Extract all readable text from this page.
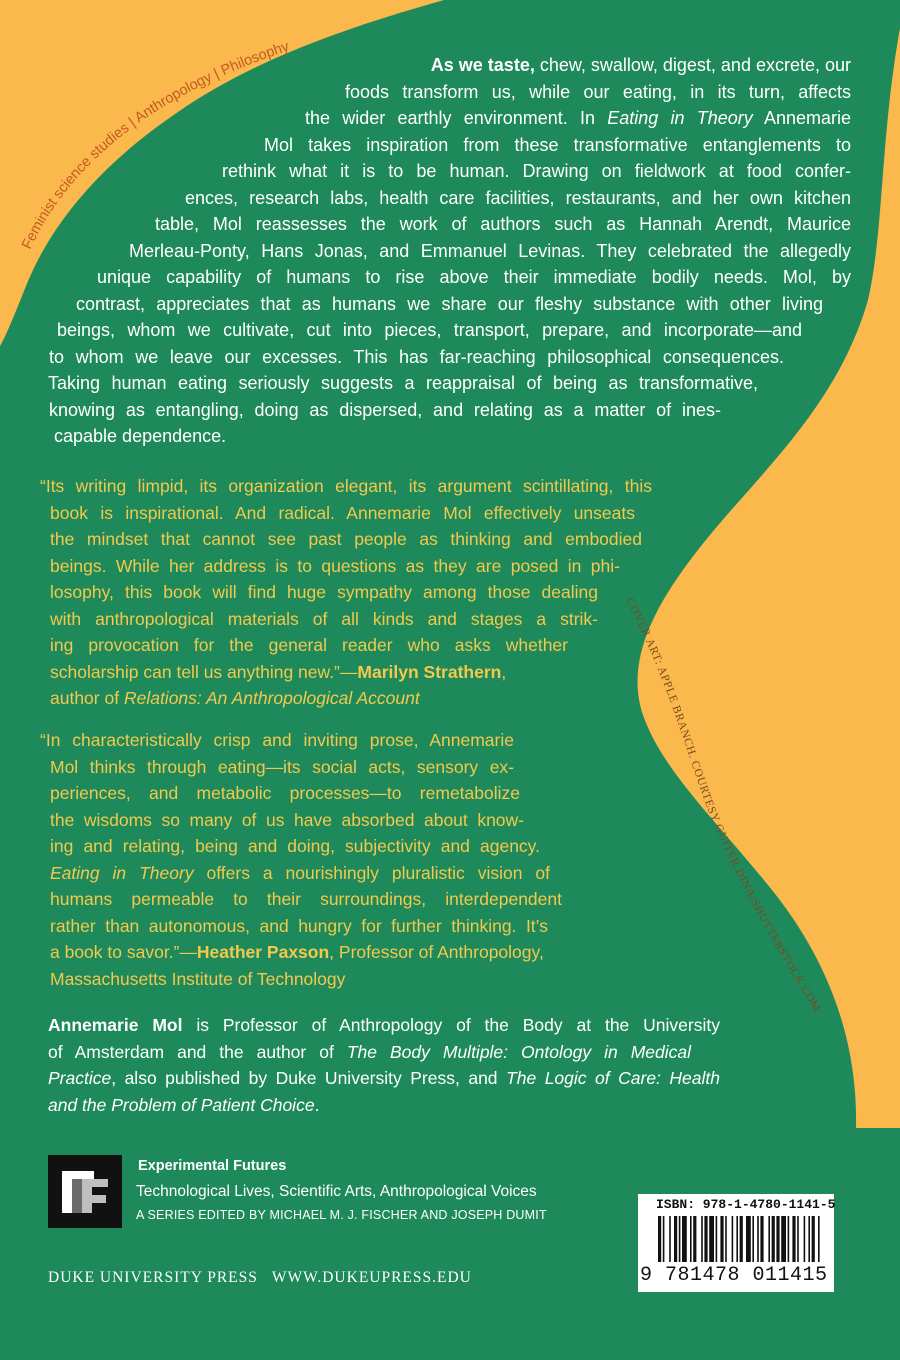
Feminist science studies | Anthropology | Philosophy
COVER ART: APPLE BRANCH. COURTESY GUITER DINA/SHUTTERSTOCK.COM
As we taste, chew, swallow, digest, and excrete, our
foods transform us, while our eating, in its turn, affects
the wider earthly environment. In Eating in Theory Annemarie
Mol takes inspiration from these transformative entanglements to
rethink what it is to be human. Drawing on fieldwork at food confer-
ences, research labs, health care facilities, restaurants, and her own kitchen
table, Mol reassesses the work of authors such as Hannah Arendt, Maurice
Merleau-Ponty, Hans Jonas, and Emmanuel Levinas. They celebrated the allegedly
unique capability of humans to rise above their immediate bodily needs. Mol, by
contrast, appreciates that as humans we share our fleshy substance with other living
beings, whom we cultivate, cut into pieces, transport, prepare, and incorporate—and
to whom we leave our excesses. This has far-reaching philosophical consequences.
Taking human eating seriously suggests a reappraisal of being as transformative,
knowing as entangling, doing as dispersed, and relating as a matter of ines-
capable dependence.
“Its writing limpid, its organization elegant, its argument scintillating, this
book is inspirational. And radical. Annemarie Mol effectively unseats
the mindset that cannot see past people as thinking and embodied
beings. While her address is to questions as they are posed in phi-
losophy, this book will find huge sympathy among those dealing
with anthropological materials of all kinds and stages a strik-
ing provocation for the general reader who asks whether
scholarship can tell us anything new.”—Marilyn Strathern,
author of Relations: An Anthropological Account
“In characteristically crisp and inviting prose, Annemarie
Mol thinks through eating—its social acts, sensory ex-
periences, and metabolic processes—to remetabolize
the wisdoms so many of us have absorbed about know-
ing and relating, being and doing, subjectivity and agency.
Eating in Theory offers a nourishingly pluralistic vision of
humans permeable to their surroundings, interdependent
rather than autonomous, and hungry for further thinking. It’s
a book to savor.”—Heather Paxson, Professor of Anthropology,
Massachusetts Institute of Technology
Annemarie Mol is Professor of Anthropology of the Body at the University
of Amsterdam and the author of The Body Multiple: Ontology in Medical
Practice, also published by Duke University Press, and The Logic of Care: Health
and the Problem of Patient Choice.
Experimental Futures
Technological Lives, Scientific Arts, Anthropological Voices
A SERIES EDITED BY MICHAEL M. J. FISCHER AND JOSEPH DUMIT
DUKE UNIVERSITY PRESS WWW.DUKEUPRESS.EDU
ISBN: 978-1-4780-1141-5
9 781478 011415
